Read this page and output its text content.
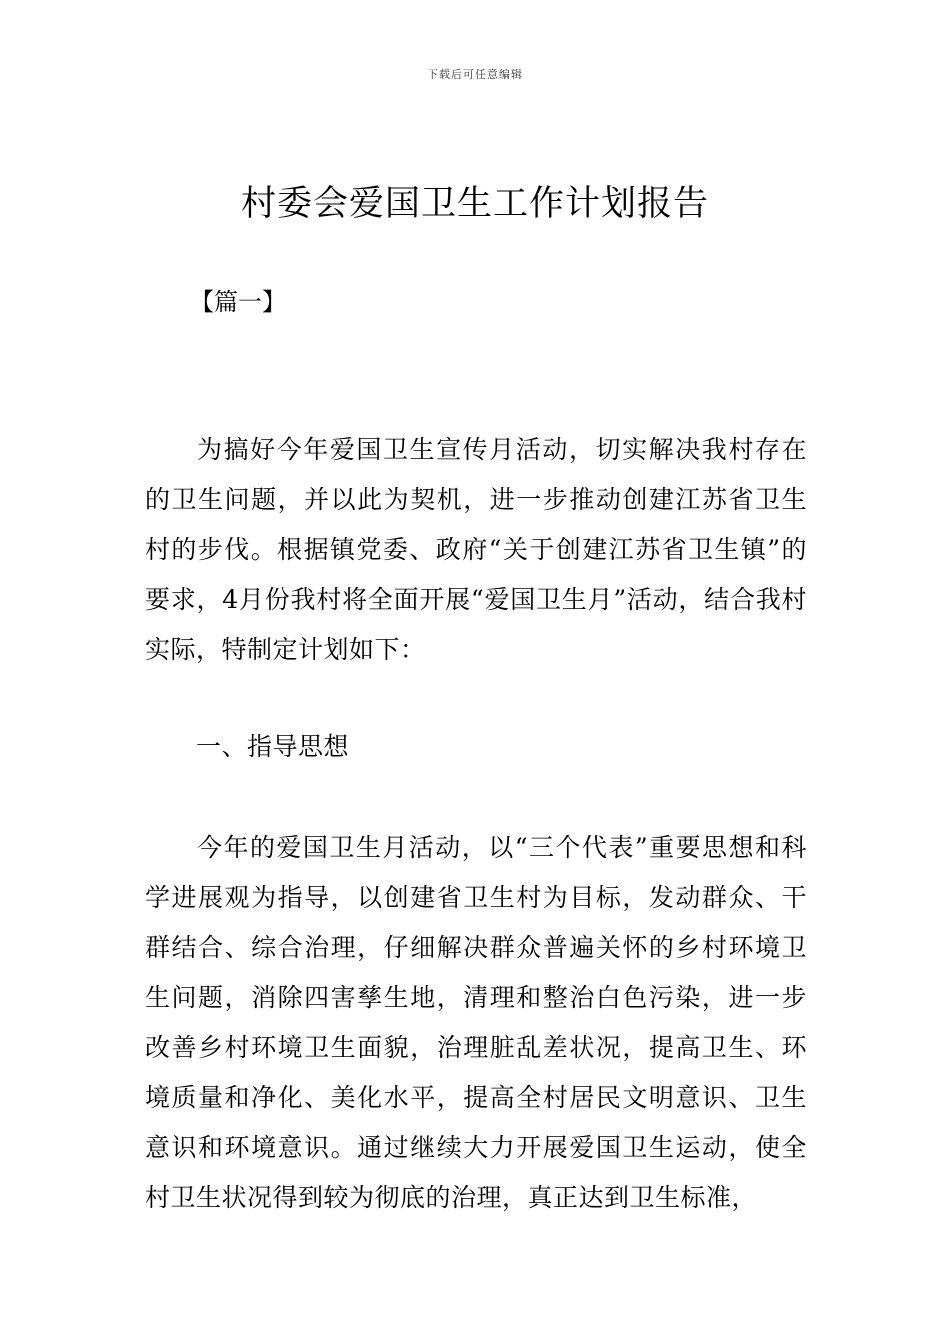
下载后可任意编辑
村委会爱国卫生工作计划报告
【篇一】

为搞好今年爱国卫生宣传月活动，切实解决我村存在的卫生问题，并以此为契机，进一步推动创建江苏省卫生村的步伐。根据镇党委、政府“关于创建江苏省卫生镇”的要求，4月份我村将全面开展“爱国卫生月”活动，结合我村实际，特制定计划如下：

一、指导思想

今年的爱国卫生月活动，以“三个代表”重要思想和科学进展观为指导，以创建省卫生村为目标，发动群众、干群结合、综合治理，仔细解决群众普遍关怀的乡村环境卫生问题，消除四害孳生地，清理和整治白色污染，进一步改善乡村环境卫生面貌，治理脏乱差状况，提高卫生、环境质量和净化、美化水平，提高全村居民文明意识、卫生意识和环境意识。通过继续大力开展爱国卫生运动，使全村卫生状况得到较为彻底的治理，真正达到卫生标准，
